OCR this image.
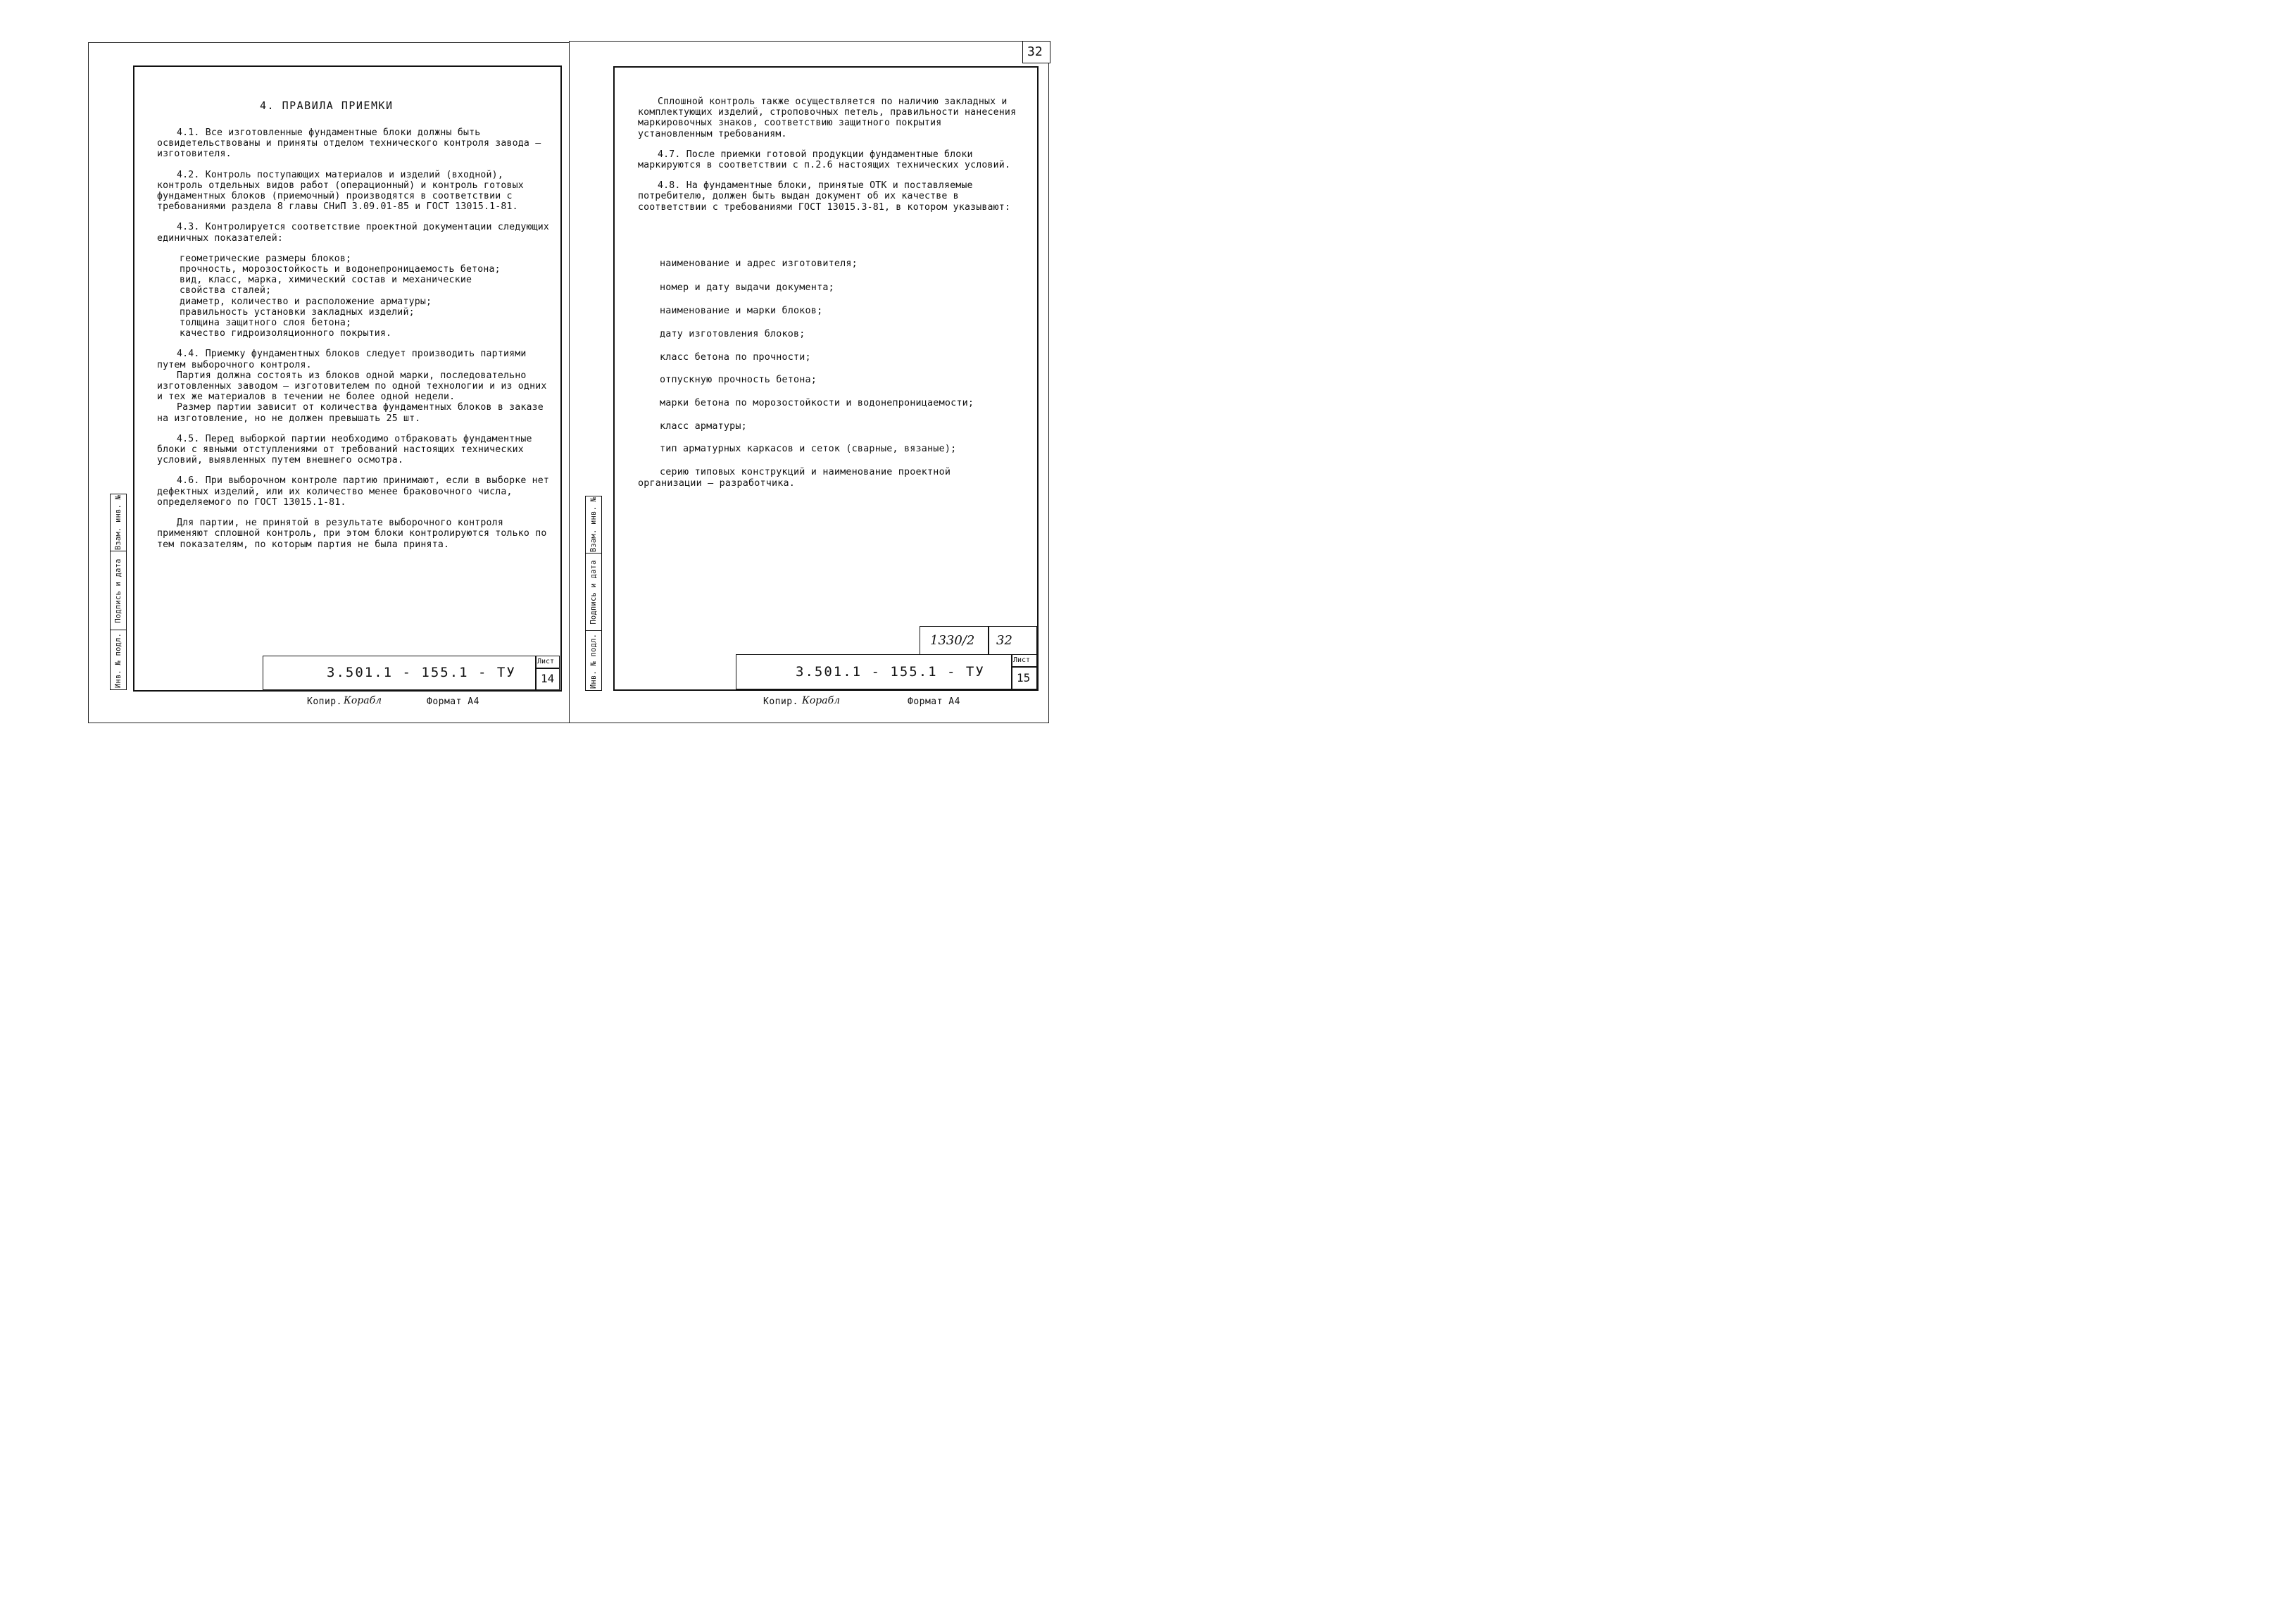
4. ПРАВИЛА ПРИЕМКИ
4.1. Все изготовленные фундаментные блоки должны быть освидетельствованы и приняты отделом технического контроля завода – изготовителя.
4.2. Контроль поступающих материалов и изделий (входной), контроль отдельных видов работ (операционный) и контроль готовых фундаментных блоков (приемочный) производятся в соответствии с требованиями раздела 8 главы СНиП 3.09.01-85 и ГОСТ 13015.1-81.
4.3. Контролируется соответствие проектной документации следующих единичных показателей:
геометрические размеры блоков;
прочность, морозостойкость и водонепроницаемость бетона;
вид, класс, марка, химический состав и механические
свойства сталей;
диаметр, количество и расположение арматуры;
правильность установки закладных изделий;
толщина защитного слоя бетона;
качество гидроизоляционного покрытия.
4.4. Приемку фундаментных блоков следует производить партиями путем выборочного контроля.
Партия должна состоять из блоков одной марки, последовательно изготовленных заводом – изготовителем по одной технологии и из одних и тех же материалов в течении не более одной недели.
Размер партии зависит от количества фундаментных блоков в заказе на изготовление, но не должен превышать 25 шт.
4.5. Перед выборкой партии необходимо отбраковать фундаментные блоки с явными отступлениями от требований настоящих технических условий, выявленных путем внешнего осмотра.
4.6. При выборочном контроле партию принимают, если в выборке нет дефектных изделий, или их количество менее браковочного числа, определяемого по ГОСТ 13015.1-81.
Для партии, не принятой в результате выборочного контроля применяют сплошной контроль, при этом блоки контролируются только по тем показателям, по которым партия не была принята.
Взам. инв. №
Подпись и дата
Инв. № подл.	3.501.1 - 155.1 - ТУ
Лист
14
Копир. Корабл	Формат А4
32
Сплошной контроль также осуществляется по наличию закладных и комплектующих изделий, строповочных петель, правильности нанесения маркировочных знаков, соответствию защитного покрытия установленным требованиям.
4.7. После приемки готовой продукции фундаментные блоки маркируются в соответствии с п.2.6 настоящих технических условий.
4.8. На фундаментные блоки, принятые ОТК и поставляемые потребителю, должен быть выдан документ об их качестве в соответствии с требованиями ГОСТ 13015.3-81, в котором указывают:
наименование и адрес изготовителя;
номер и дату выдачи документа;
наименование и марки блоков;
дату изготовления блоков;
класс бетона по прочности;
отпускную прочность бетона;
марки бетона по морозостойкости и водонепроницаемости;
класс арматуры;
тип арматурных каркасов и сеток (сварные, вязаные);
серию типовых конструкций и наименование проектной
организации – разработчика.
Взам. инв. №
Подпись и дата
Инв. № подл.	1330/2 32
3.501.1 - 155.1 - ТУ
Лист
15
Копир. Корабл	Формат А4
